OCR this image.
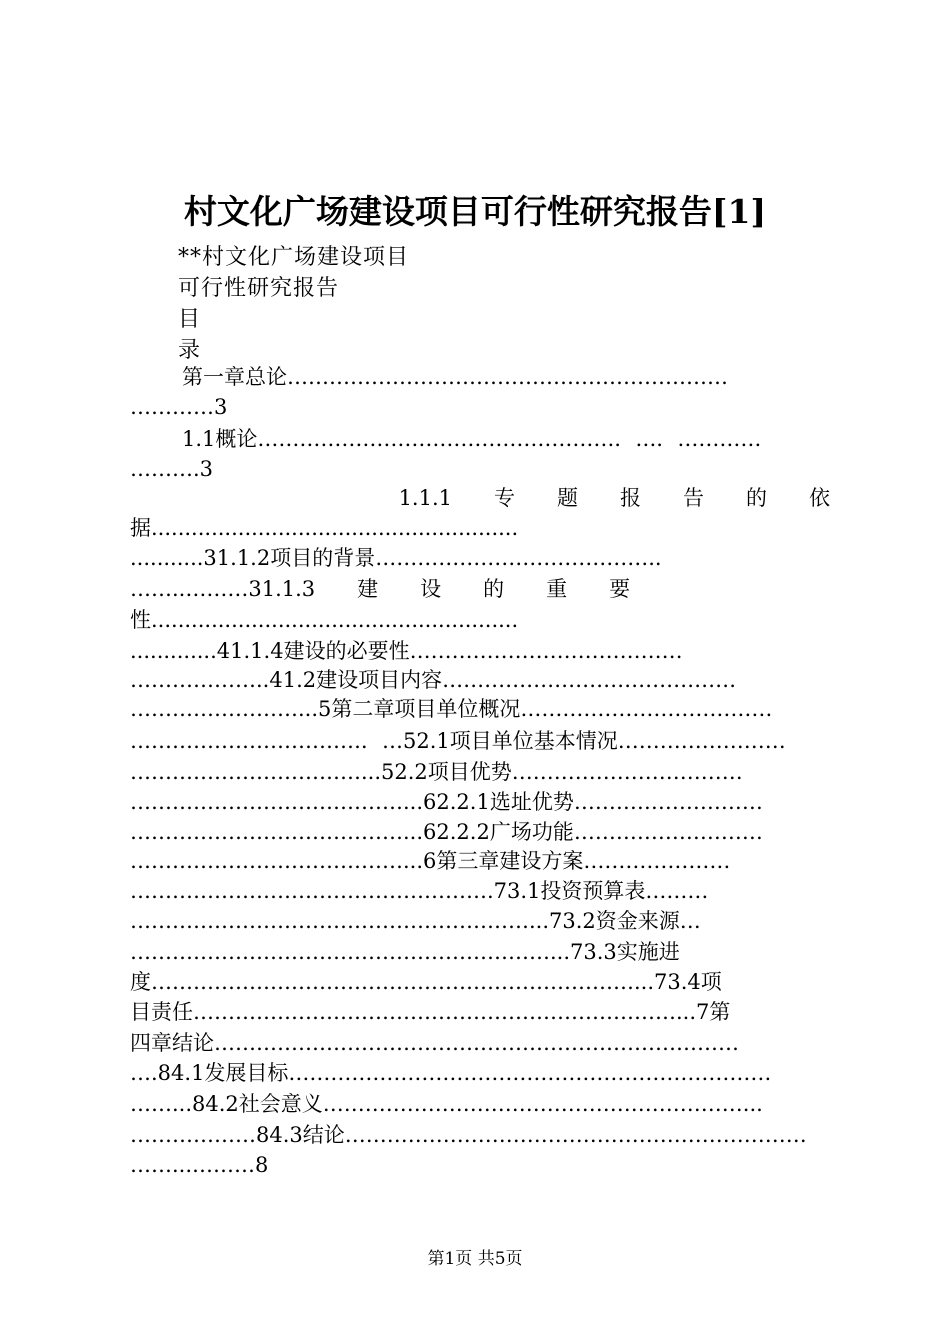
村文化广场建设项目可行性研究报告[1]
**村文化广场建设项目
可行性研究报告
目
录
第一章总论………………………………………………………
…………3
1.1概论……………………………………………．…．…………
……….3
1.1.1　　专　　题　　报　　告　　的　　依
据.......................................................
...........31.1.2项目的背景…………………………………..
……..………31.1.3　　建　　设　　的　　重　　要
性.......................................................
.............41.1.4建设的必要性…………………………………
………………..41.2建设项目内容……………………………………
……………………...5第二章项目单位概况………………………………
……………………………．…52.1项目单位基本情况……………………
……………………………...52.2项目优势……………………………
…………………………………...62.2.1选址优势………………………
…………………………………...62.2.2广场功能………………………
…………………………………...6第三章建设方案…………………
…………………………………………….73.1投资预算表………
…………………………………………………...73.2资金来源…
……………………………………………………...73.3实施进
度……………………………………………………………...73.4项
目责任……………………………………………………………...7第
四章结论…………………………………………………………………
….84.1发展目标……………………………………………………………
……...84.2社会意义……………………………………………………...
………………84.3结论…………………………………………………………
……...………8
第1页 共5页
